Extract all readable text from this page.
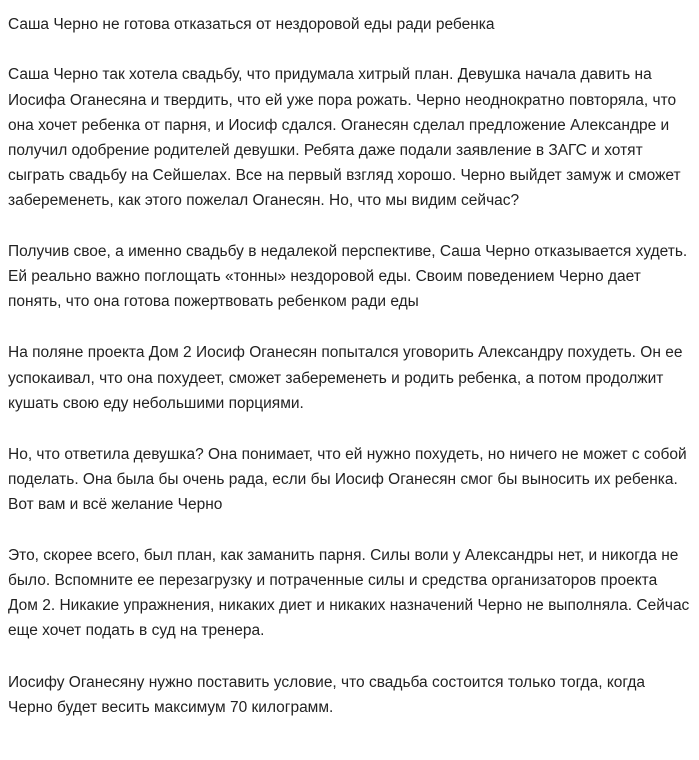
Саша Черно не готова отказаться от нездоровой еды ради ребенка

Саша Черно так хотела свадьбу, что придумала хитрый план. Девушка начала давить на Иосифа Оганесяна и твердить, что ей уже пора рожать. Черно неоднократно повторяла, что она хочет ребенка от парня, и Иосиф сдался. Оганесян сделал предложение Александре и получил одобрение родителей девушки. Ребята даже подали заявление в ЗАГС и хотят сыграть свадьбу на Сейшелах. Все на первый взгляд хорошо. Черно выйдет замуж и сможет забеременеть, как этого пожелал Оганесян. Но, что мы видим сейчас?

Получив свое, а именно свадьбу в недалекой перспективе, Саша Черно отказывается худеть. Ей реально важно поглощать «тонны» нездоровой еды. Своим поведением Черно дает понять, что она готова пожертвовать ребенком ради еды

На поляне проекта Дом 2 Иосиф Оганесян попытался уговорить Александру похудеть. Он ее успокаивал, что она похудеет, сможет забеременеть и родить ребенка, а потом продолжит кушать свою еду небольшими порциями.

Но, что ответила девушка? Она понимает, что ей нужно похудеть, но ничего не может с собой поделать. Она была бы очень рада, если бы Иосиф Оганесян смог бы выносить их ребенка. Вот вам и всё желание Черно

Это, скорее всего, был план, как заманить парня. Силы воли у Александры нет, и никогда не было. Вспомните ее перезагрузку и потраченные силы и средства организаторов проекта Дом 2. Никакие упражнения, никаких диет и никаких назначений Черно не выполняла. Сейчас еще хочет подать в суд на тренера.

Иосифу Оганесяну нужно поставить условие, что свадьба состоится только тогда, когда Черно будет весить максимум 70 килограмм.
